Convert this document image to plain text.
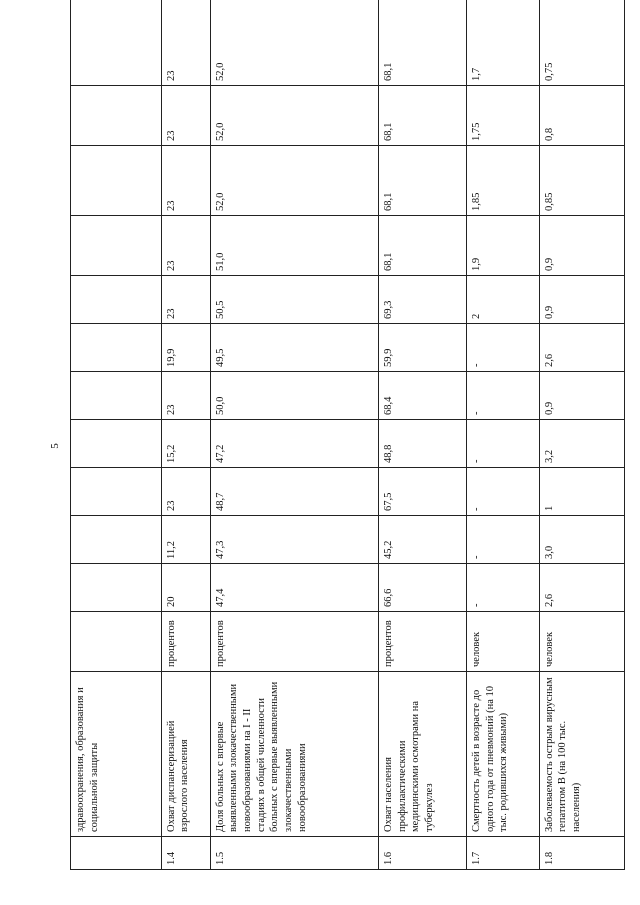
5
	здравоохранения, образования и социальной защиты												
1.4	Охват диспансеризацией взрослого населения	процентов	20	11,2	23	15,2	23	19,9	23	23	23	23	23
1.5	Доля больных с впервые выявленными злокачественными новообразованиями на I - II стадиях в общей численности больных с впервые выявленными злокачественными новообразованиями	процентов	47,4	47,3	48,7	47,2	50,0	49,5	50,5	51,0	52,0	52,0	52,0
1.6	Охват населения профилактическими медицинскими осмотрами на туберкулез	процентов	66,6	45,2	67,5	48,8	68,4	59,9	69,3	68,1	68,1	68,1	68,1
1.7	Смертность детей в возрасте до одного года от пневмоний (на 10 тыс. родившихся живыми)	человек	-	-	-	-	-	-	2	1,9	1,85	1,75	1,7
1.8	Заболеваемость острым вирусным гепатитом В (на 100 тыс. населения)	человек	2,6	3,0	1	3,2	0,9	2,6	0,9	0,9	0,85	0,8	0,75
